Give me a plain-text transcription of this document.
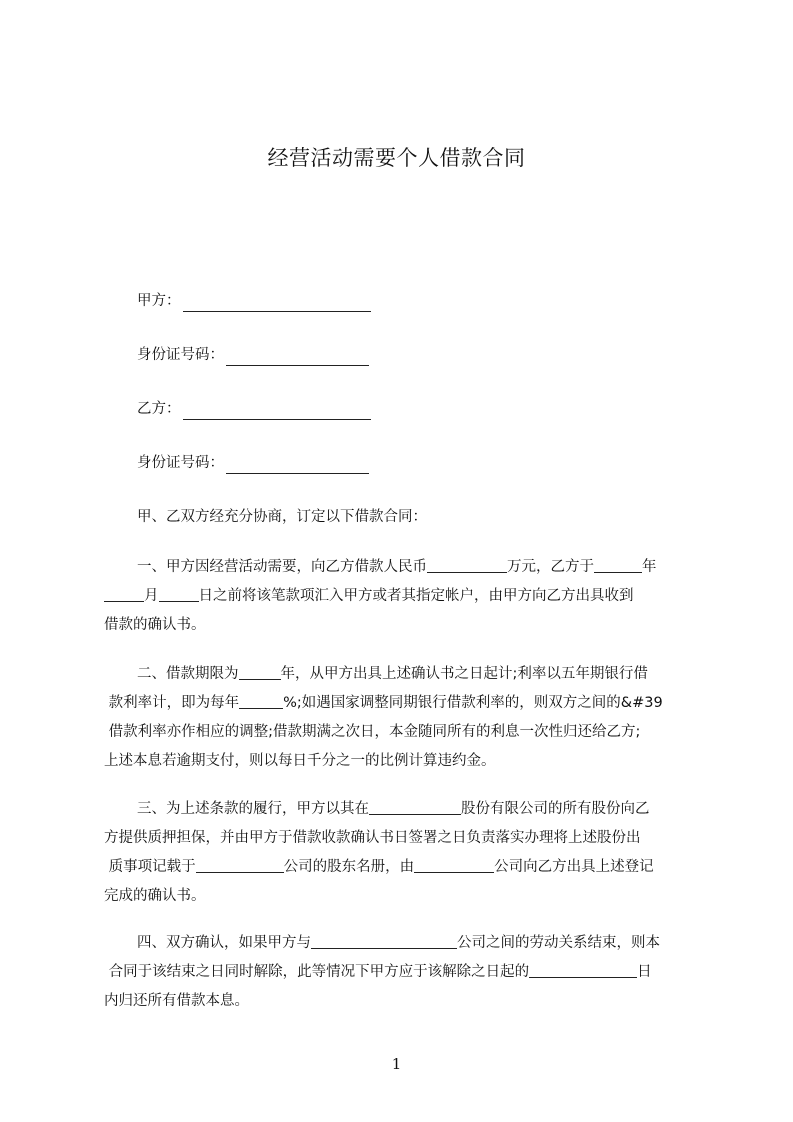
经营活动需要个人借款合同
甲方：
身份证号码：
乙方：
身份证号码：
甲、乙双方经充分协商，订定以下借款合同：
一、甲方因经营活动需要，向乙方借款人民币	万元，乙方于	年
月	日之前将该笔款项汇入甲方或者其指定帐户，由甲方向乙方出具收到
借款的确认书。
二、借款期限为	年，从甲方出具上述确认书之日起计;利率以五年期银行借
款利率计，即为每年	%;如遇国家调整同期银行借款利率的，则双方之间的&#39
借款利率亦作相应的调整;借款期满之次日，本金随同所有的利息一次性归还给乙方;
上述本息若逾期支付，则以每日千分之一的比例计算违约金。
三、为上述条款的履行，甲方以其在	股份有限公司的所有股份向乙
方提供质押担保，并由甲方于借款收款确认书日签署之日负责落实办理将上述股份出
质事项记载于	公司的股东名册，由	公司向乙方出具上述登记
完成的确认书。
四、双方确认，如果甲方与	公司之间的劳动关系结束，则本
合同于该结束之日同时解除，此等情况下甲方应于该解除之日起的	日
内归还所有借款本息。
1
